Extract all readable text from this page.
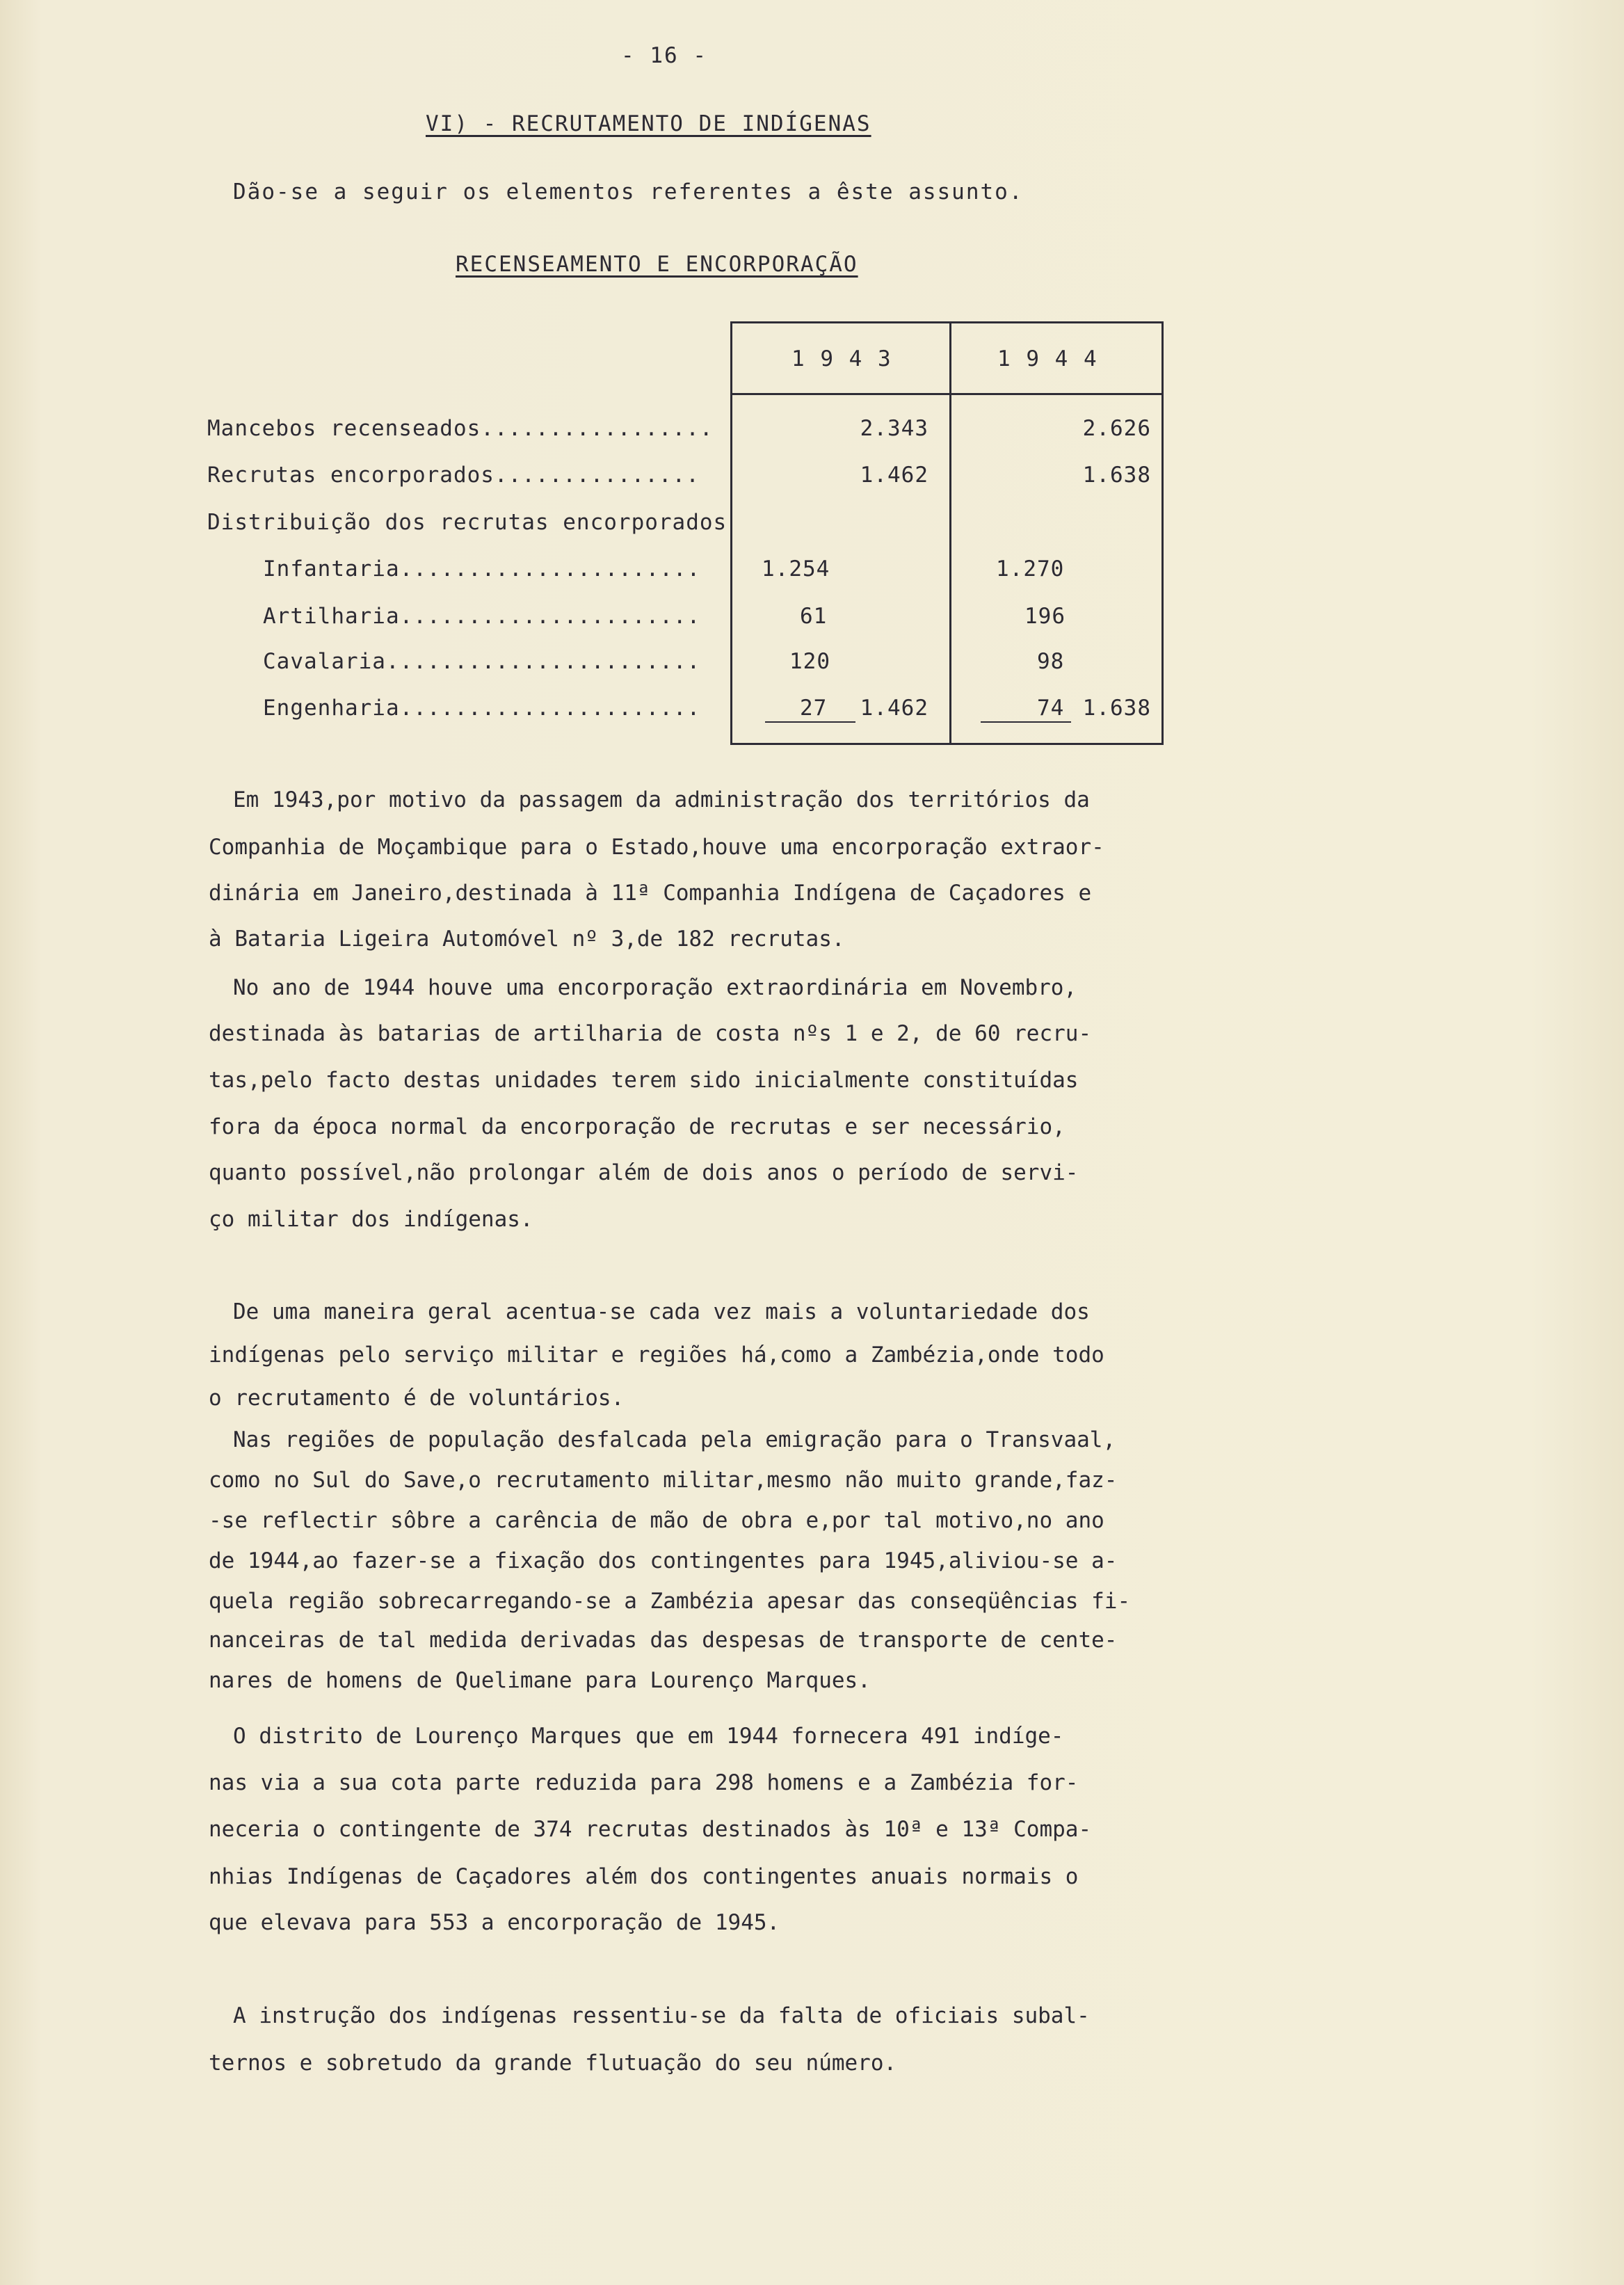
- 16 -
VI) - RECRUTAMENTO DE INDÍGENAS
Dão-se a seguir os elementos referentes a êste assunto.
RECENSEAMENTO E ENCORPORAÇÃO
1 9 4 3	1 9 4 4
Mancebos recenseados.................
Recrutas encorporados...............
Distribuição dos recrutas encorporados
Infantaria......................
Artilharia......................
Cavalaria.......................
Engenharia......................
2.343
1.462
1.254
61
120
27 1.462
2.626
1.638
1.270
196
98
74 1.638
Em 1943,por motivo da passagem da administração dos territórios da
Companhia de Moçambique para o Estado,houve uma encorporação extraor-
dinária em Janeiro,destinada à 11ª Companhia Indígena de Caçadores e
à Bataria Ligeira Automóvel nº 3,de 182 recrutas.
No ano de 1944 houve uma encorporação extraordinária em Novembro,
destinada às batarias de artilharia de costa nºs 1 e 2, de 60 recru-
tas,pelo facto destas unidades terem sido inicialmente constituídas
fora da época normal da encorporação de recrutas e ser necessário,
quanto possível,não prolongar além de dois anos o período de servi-
ço militar dos indígenas.
De uma maneira geral acentua-se cada vez mais a voluntariedade dos
indígenas pelo serviço militar e regiões há,como a Zambézia,onde todo
o recrutamento é de voluntários.
Nas regiões de população desfalcada pela emigração para o Transvaal,
como no Sul do Save,o recrutamento militar,mesmo não muito grande,faz-
-se reflectir sôbre a carência de mão de obra e,por tal motivo,no ano
de 1944,ao fazer-se a fixação dos contingentes para 1945,aliviou-se a-
quela região sobrecarregando-se a Zambézia apesar das conseqüências fi-
nanceiras de tal medida derivadas das despesas de transporte de cente-
nares de homens de Quelimane para Lourenço Marques.
O distrito de Lourenço Marques que em 1944 fornecera 491 indíge-
nas via a sua cota parte reduzida para 298 homens e a Zambézia for-
neceria o contingente de 374 recrutas destinados às 10ª e 13ª Compa-
nhias Indígenas de Caçadores além dos contingentes anuais normais o
que elevava para 553 a encorporação de 1945.
A instrução dos indígenas ressentiu-se da falta de oficiais subal-
ternos e sobretudo da grande flutuação do seu número.
